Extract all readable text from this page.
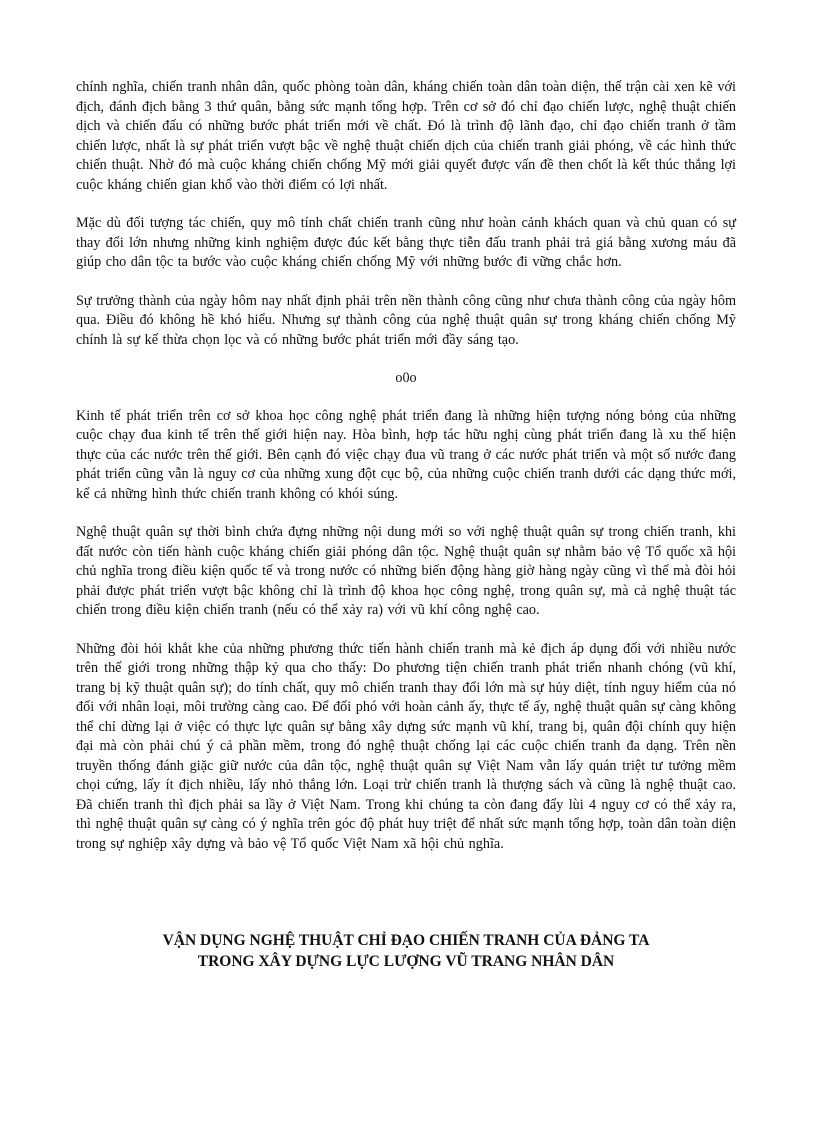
chính nghĩa, chiến tranh nhân dân, quốc phòng toàn dân, kháng chiến toàn dân toàn diện, thế trận cài xen kẽ với địch, đánh địch bằng 3 thứ quân, bằng sức mạnh tổng hợp. Trên cơ sở đó chỉ đạo chiến lược, nghệ thuật chiến dịch và chiến đấu có những bước phát triển mới về chất. Đó là trình độ lãnh đạo, chỉ đạo chiến tranh ở tầm chiến lược, nhất là sự phát triển vượt bậc về nghệ thuật chiến dịch của chiến tranh giải phóng, về các hình thức chiến thuật. Nhờ đó mà cuộc kháng chiến chống Mỹ mới giải quyết được vấn đề then chốt là kết thúc thắng lợi cuộc kháng chiến gian khổ vào thời điểm có lợi nhất.

Mặc dù đối tượng tác chiến, quy mô tính chất chiến tranh cũng như hoàn cảnh khách quan và chủ quan có sự thay đổi lớn nhưng những kinh nghiệm được đúc kết bằng thực tiễn đấu tranh phải trả giá bằng xương máu đã giúp cho dân tộc ta bước vào cuộc kháng chiến chống Mỹ với những bước đi vững chắc hơn.

Sự trưởng thành của ngày hôm nay nhất định phải trên nền thành công cũng như chưa thành công của ngày hôm qua. Điều đó không hề khó hiểu. Nhưng sự thành công của nghệ thuật quân sự trong kháng chiến chống Mỹ chính là sự kế thừa chọn lọc và có những bước phát triển mới đầy sáng tạo.

o0o

Kinh tế phát triển trên cơ sở khoa học công nghệ phát triển đang là những hiện tượng nóng bỏng của những cuộc chạy đua kinh tế trên thế giới hiện nay. Hòa bình, hợp tác hữu nghị cùng phát triển đang là xu thế hiện thực của các nước trên thế giới. Bên cạnh đó việc chạy đua vũ trang ở các nước phát triển và một số nước đang phát triển cũng vẫn là nguy cơ của những xung đột cục bộ, của những cuộc chiến tranh dưới các dạng thức mới, kể cả những hình thức chiến tranh không có khói súng.

Nghệ thuật quân sự thời bình chứa đựng những nội dung mới so với nghệ thuật quân sự trong chiến tranh, khi đất nước còn tiến hành cuộc kháng chiến giải phóng dân tộc. Nghệ thuật quân sự nhằm bảo vệ Tổ quốc xã hội chủ nghĩa trong điều kiện quốc tế và trong nước có những biến động hàng giờ hàng ngày cũng vì thế mà đòi hỏi phải được phát triển vượt bậc không chỉ là trình độ khoa học công nghệ, trong quân sự, mà cả nghệ thuật tác chiến trong điều kiện chiến tranh (nếu có thể xảy ra) với vũ khí công nghệ cao.

Những đòi hỏi khắt khe của những phương thức tiến hành chiến tranh mà kẻ địch áp dụng đối với nhiều nước trên thế giới trong những thập kỷ qua cho thấy: Do phương tiện chiến tranh phát triển nhanh chóng (vũ khí, trang bị kỹ thuật quân sự); do tính chất, quy mô chiến tranh thay đổi lớn mà sự hủy diệt, tính nguy hiểm của nó đối với nhân loại, môi trường càng cao. Để đối phó với hoàn cảnh ấy, thực tế ấy, nghệ thuật quân sự càng không thể chỉ dừng lại ở việc có thực lực quân sự bằng xây dựng sức mạnh vũ khí, trang bị, quân đội chính quy hiện đại mà còn phải chú ý cả phần mềm, trong đó nghệ thuật chống lại các cuộc chiến tranh đa dạng. Trên nền truyền thống đánh giặc giữ nước của dân tộc, nghệ thuật quân sự Việt Nam vẫn lấy quán triệt tư tưởng mềm chọi cứng, lấy ít địch nhiều, lấy nhỏ thắng lớn. Loại trừ chiến tranh là thượng sách và cũng là nghệ thuật cao. Đã chiến tranh thì địch phải sa lầy ở Việt Nam. Trong khi chúng ta còn đang đẩy lùi 4 nguy cơ có thể xảy ra, thì nghệ thuật quân sự càng có ý nghĩa trên góc độ phát huy triệt để nhất sức mạnh tổng hợp, toàn dân toàn diện trong sự nghiệp xây dựng và bảo vệ Tổ quốc Việt Nam xã hội chủ nghĩa.

VẬN DỤNG NGHỆ THUẬT CHỈ ĐẠO CHIẾN TRANH CỦA ĐẢNG TA
TRONG XÂY DỰNG LỰC LƯỢNG VŨ TRANG NHÂN DÂN
